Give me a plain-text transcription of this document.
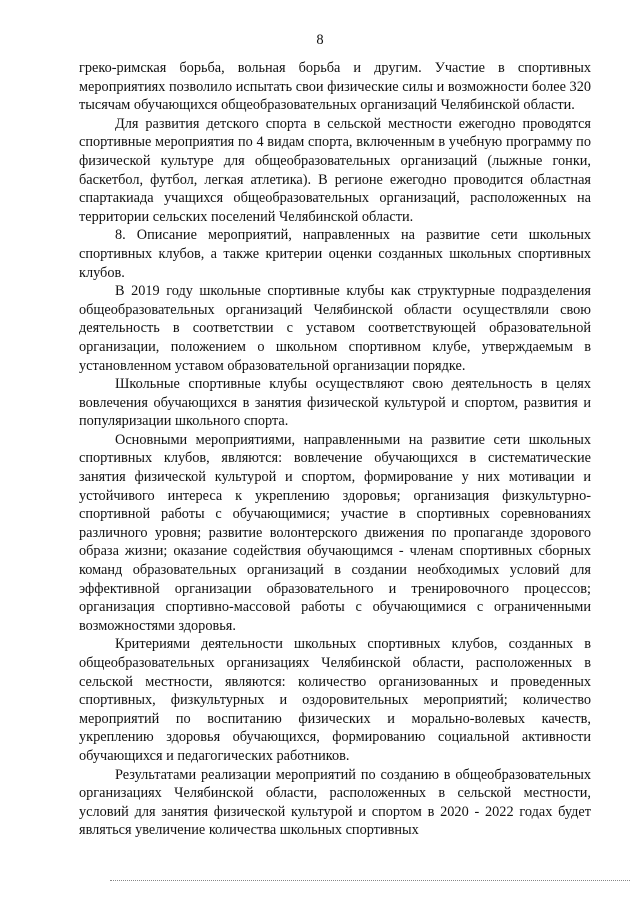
8

греко-римская борьба, вольная борьба и другим. Участие в спортивных мероприятиях позволило испытать свои физические силы и возможности более 320 тысячам обучающихся общеобразовательных организаций Челябинской области.

Для развития детского спорта в сельской местности ежегодно проводятся спортивные мероприятия по 4 видам спорта, включенным в учебную программу по физической культуре для общеобразовательных организаций (лыжные гонки, баскетбол, футбол, легкая атлетика). В регионе ежегодно проводится областная спартакиада учащихся общеобразовательных организаций, расположенных на территории сельских поселений Челябинской области.

8. Описание мероприятий, направленных на развитие сети школьных спортивных клубов, а также критерии оценки созданных школьных спортивных клубов.

В 2019 году школьные спортивные клубы как структурные подразделения общеобразовательных организаций Челябинской области осуществляли свою деятельность в соответствии с уставом соответствующей образовательной организации, положением о школьном спортивном клубе, утверждаемым в установленном уставом образовательной организации порядке.

Школьные спортивные клубы осуществляют свою деятельность в целях вовлечения обучающихся в занятия физической культурой и спортом, развития и популяризации школьного спорта.

Основными мероприятиями, направленными на развитие сети школьных спортивных клубов, являются: вовлечение обучающихся в систематические занятия физической культурой и спортом, формирование у них мотивации и устойчивого интереса к укреплению здоровья; организация физкультурно-спортивной работы с обучающимися; участие в спортивных соревнованиях различного уровня; развитие волонтерского движения по пропаганде здорового образа жизни; оказание содействия обучающимся - членам спортивных сборных команд образовательных организаций в создании необходимых условий для эффективной организации образовательного и тренировочного процессов; организация спортивно-массовой работы с обучающимися с ограниченными возможностями здоровья.

Критериями деятельности школьных спортивных клубов, созданных в общеобразовательных организациях Челябинской области, расположенных в сельской местности, являются: количество организованных и проведенных спортивных, физкультурных и оздоровительных мероприятий; количество мероприятий по воспитанию физических и морально-волевых качеств, укреплению здоровья обучающихся, формированию социальной активности обучающихся и педагогических работников.

Результатами реализации мероприятий по созданию в общеобразовательных организациях Челябинской области, расположенных в сельской местности, условий для занятия физической культурой и спортом в 2020 - 2022 годах будет являться увеличение количества школьных спортивных
